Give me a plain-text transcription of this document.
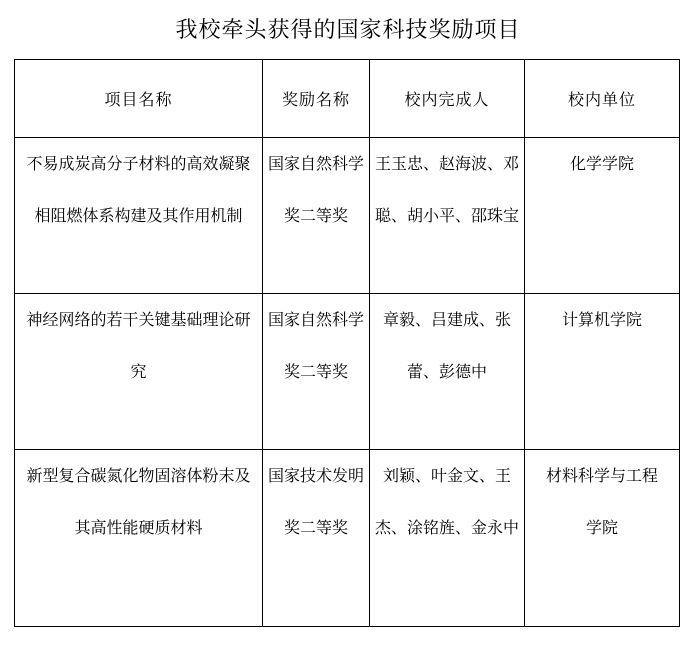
我校牵头获得的国家科技奖励项目
项目名称	奖励名称	校内完成人	校内单位

不易成炭高分子材料的高效凝聚相阻燃体系构建及其作用机制	国家自然科学奖二等奖	王玉忠、赵海波、邓聪、胡小平、邵珠宝	化学学院

神经网络的若干关键基础理论研究	国家自然科学奖二等奖	章毅、吕建成、张蕾、彭德中	计算机学院

新型复合碳氮化物固溶体粉末及其高性能硬质材料	国家技术发明奖二等奖	刘颖、叶金文、王杰、涂铭旌、金永中	材料科学与工程学院
